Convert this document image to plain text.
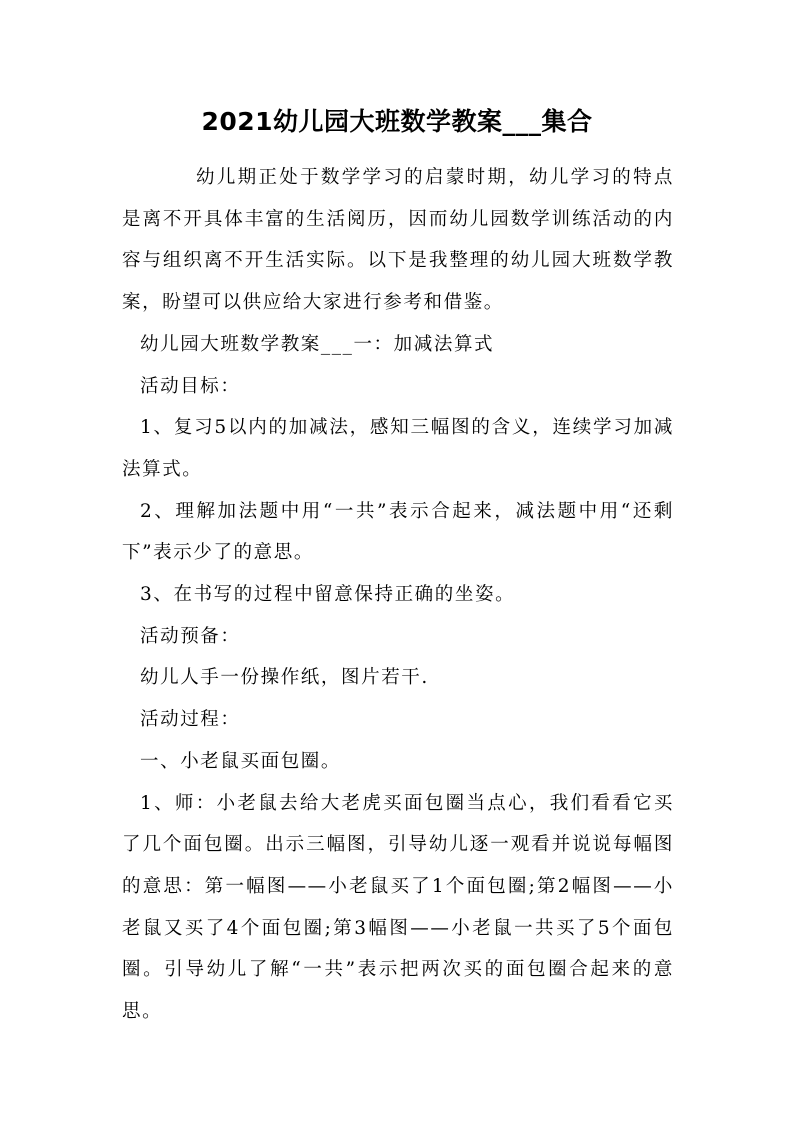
2021幼儿园大班数学教案___集合

幼儿期正处于数学学习的启蒙时期，幼儿学习的特点是离不开具体丰富的生活阅历，因而幼儿园数学训练活动的内容与组织离不开生活实际。以下是我整理的幼儿园大班数学教案，盼望可以供应给大家进行参考和借鉴。

幼儿园大班数学教案___一：加减法算式

活动目标：

1、复习5以内的加减法，感知三幅图的含义，连续学习加减法算式。

2、理解加法题中用“一共”表示合起来，减法题中用“还剩下”表示少了的意思。

3、在书写的过程中留意保持正确的坐姿。

活动预备：

幼儿人手一份操作纸，图片若干.

活动过程：

一、小老鼠买面包圈。

1、师：小老鼠去给大老虎买面包圈当点心，我们看看它买了几个面包圈。出示三幅图，引导幼儿逐一观看并说说每幅图的意思：第一幅图——小老鼠买了1个面包圈;第2幅图——小老鼠又买了4个面包圈;第3幅图——小老鼠一共买了5个面包圈。引导幼儿了解“一共”表示把两次买的面包圈合起来的意思。
